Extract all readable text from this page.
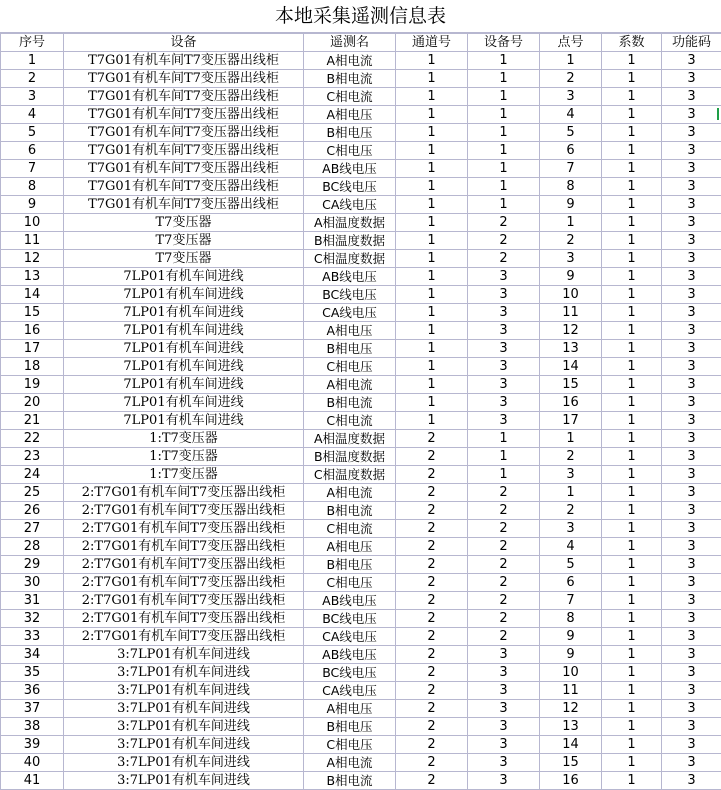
本地采集遥测信息表
序号	设备	遥测名	通道号	设备号	点号	系数	功能码
1	T7G01有机车间T7变压器出线柜	A相电流	1	1	1	1	3
2	T7G01有机车间T7变压器出线柜	B相电流	1	1	2	1	3
3	T7G01有机车间T7变压器出线柜	C相电流	1	1	3	1	3
4	T7G01有机车间T7变压器出线柜	A相电压	1	1	4	1	3
5	T7G01有机车间T7变压器出线柜	B相电压	1	1	5	1	3
6	T7G01有机车间T7变压器出线柜	C相电压	1	1	6	1	3
7	T7G01有机车间T7变压器出线柜	AB线电压	1	1	7	1	3
8	T7G01有机车间T7变压器出线柜	BC线电压	1	1	8	1	3
9	T7G01有机车间T7变压器出线柜	CA线电压	1	1	9	1	3
10	T7变压器	A相温度数据	1	2	1	1	3
11	T7变压器	B相温度数据	1	2	2	1	3
12	T7变压器	C相温度数据	1	2	3	1	3
13	7LP01有机车间进线	AB线电压	1	3	9	1	3
14	7LP01有机车间进线	BC线电压	1	3	10	1	3
15	7LP01有机车间进线	CA线电压	1	3	11	1	3
16	7LP01有机车间进线	A相电压	1	3	12	1	3
17	7LP01有机车间进线	B相电压	1	3	13	1	3
18	7LP01有机车间进线	C相电压	1	3	14	1	3
19	7LP01有机车间进线	A相电流	1	3	15	1	3
20	7LP01有机车间进线	B相电流	1	3	16	1	3
21	7LP01有机车间进线	C相电流	1	3	17	1	3
22	1:T7变压器	A相温度数据	2	1	1	1	3
23	1:T7变压器	B相温度数据	2	1	2	1	3
24	1:T7变压器	C相温度数据	2	1	3	1	3
25	2:T7G01有机车间T7变压器出线柜	A相电流	2	2	1	1	3
26	2:T7G01有机车间T7变压器出线柜	B相电流	2	2	2	1	3
27	2:T7G01有机车间T7变压器出线柜	C相电流	2	2	3	1	3
28	2:T7G01有机车间T7变压器出线柜	A相电压	2	2	4	1	3
29	2:T7G01有机车间T7变压器出线柜	B相电压	2	2	5	1	3
30	2:T7G01有机车间T7变压器出线柜	C相电压	2	2	6	1	3
31	2:T7G01有机车间T7变压器出线柜	AB线电压	2	2	7	1	3
32	2:T7G01有机车间T7变压器出线柜	BC线电压	2	2	8	1	3
33	2:T7G01有机车间T7变压器出线柜	CA线电压	2	2	9	1	3
34	3:7LP01有机车间进线	AB线电压	2	3	9	1	3
35	3:7LP01有机车间进线	BC线电压	2	3	10	1	3
36	3:7LP01有机车间进线	CA线电压	2	3	11	1	3
37	3:7LP01有机车间进线	A相电压	2	3	12	1	3
38	3:7LP01有机车间进线	B相电压	2	3	13	1	3
39	3:7LP01有机车间进线	C相电压	2	3	14	1	3
40	3:7LP01有机车间进线	A相电流	2	3	15	1	3
41	3:7LP01有机车间进线	B相电流	2	3	16	1	3
